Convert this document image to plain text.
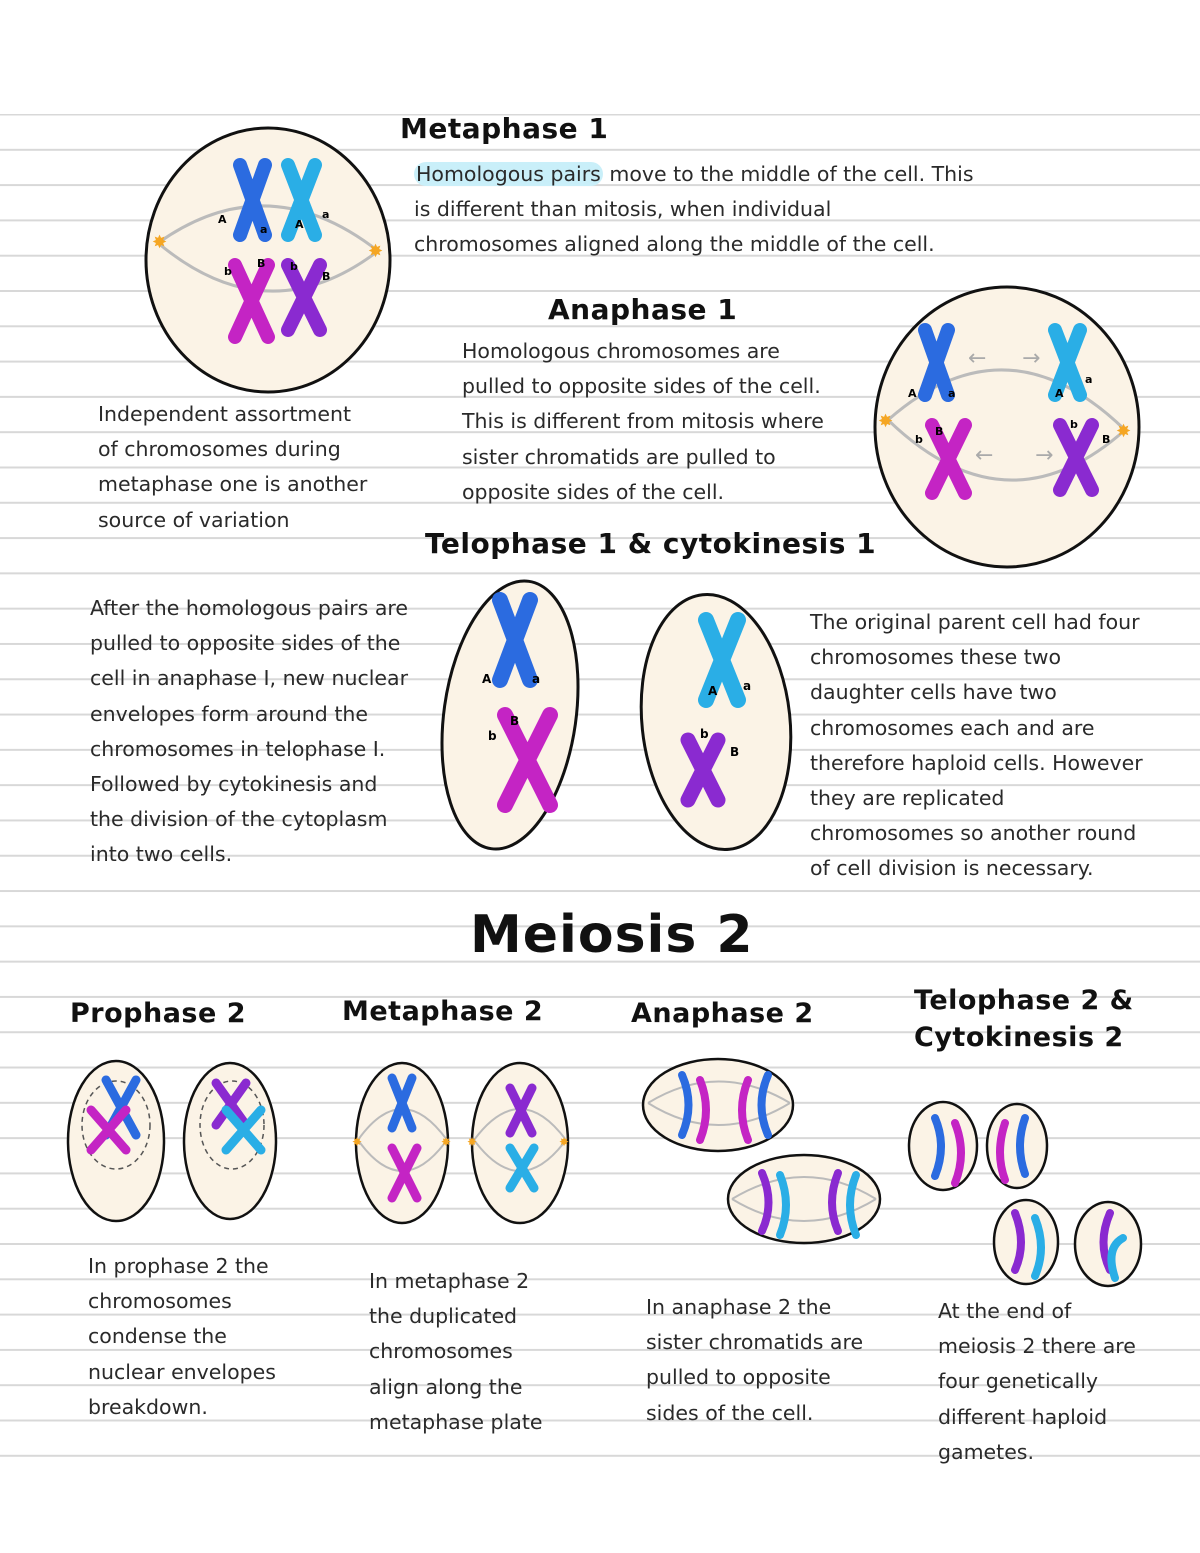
Metaphase 1
Homologous pairs move to the middle of the cell. This
is different than mitosis, when individual
chromosomes aligned along the middle of the cell.
✸	✸
A
a	A
a
b
B b
B
Independent assortment
of chromosomes during
metaphase one is another
source of variation
Anaphase 1
Homologous chromosomes are
pulled to opposite sides of the cell.
This is different from mitosis where
sister chromatids are pulled to
opposite sides of the cell.
✸	✸
← →
← →
A	a	A
a
b
B
b
B
Telophase 1 & cytokinesis 1
After the homologous pairs are
pulled to opposite sides of the
cell in anaphase I, new nuclear
envelopes form around the
chromosomes in telophase I.
Followed by cytokinesis and
the division of the cytoplasm
into two cells.
The original parent cell had four
chromosomes these two
daughter cells have two
chromosomes each and are
therefore haploid cells. However
they are replicated
chromosomes so another round
of cell division is necessary.
A	a
b
B
A a
b
B
Meiosis 2
Prophase 2	Metaphase 2	Anaphase 2	Telophase 2 &
Cytokinesis 2
✸	✸ ✸	✸
In prophase 2 the
chromosomes
condense the
nuclear envelopes
breakdown.
In metaphase 2
the duplicated
chromosomes
align along the
metaphase plate
In anaphase 2 the
sister chromatids are
pulled to opposite
sides of the cell.
At the end of
meiosis 2 there are
four genetically
different haploid
gametes.
